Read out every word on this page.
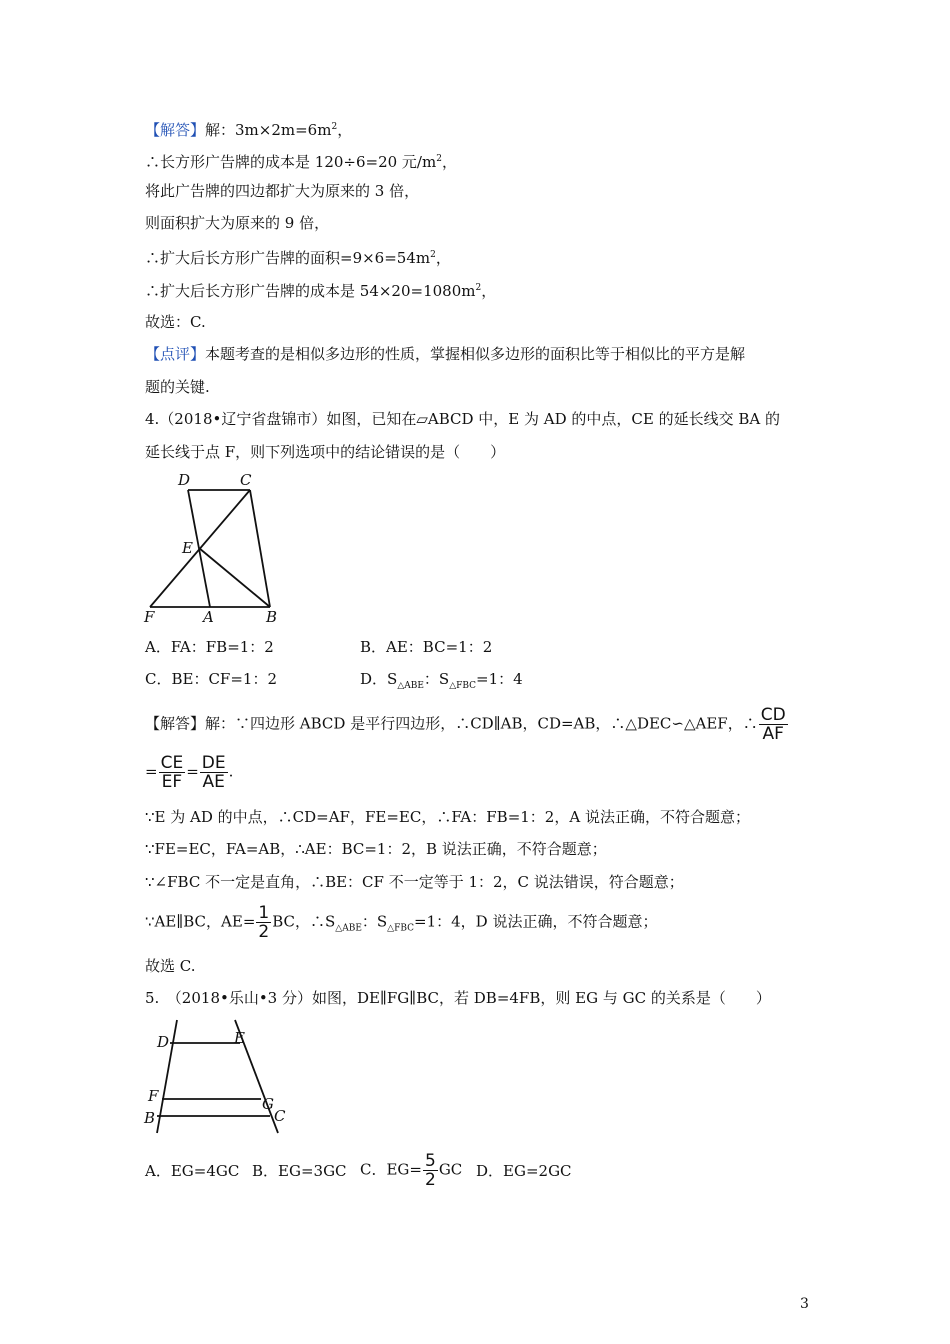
【解答】解：$3m\times 2m=6m^2$，
∴长方形广告牌的成本是 120÷6=20 元$/m^2$，
将此广告牌的四边都扩大为原来的 3 倍，
则面积扩大为原来的 9 倍，
∴扩大后长方形广告牌的面积$=9\times 6=54m^2$，
∴扩大后长方形广告牌的成本是 $54\times 20=1080m^2$，
故选：C.
【点评】本题考查的是相似多边形的性质，掌握相似多边形的面积比等于相似比的平方是解
题的关键.
4.（2018•辽宁省盘锦市）如图，已知在▱ABCD 中，E 为 AD 的中点，CE 的延长线交 BA 的
延长线于点 F，则下列选项中的结论错误的是（　　）
D	C
E
F	A	B
A．FA：FB=1：2	B．AE：BC=1：2
C．BE：CF=1：2	D．$S_{\triangle ABE}$：$S_{\triangle FBC}=1$：4
【解答】解：∵四边形 ABCD 是平行四边形，∴CD∥AB，CD=AB，∴△DEC∽△AEF，∴ $\frac{CD}{AF}$
= $\frac{CE}{EF} = \frac{DE}{AE}$ .
∵E 为 AD 的中点，∴CD=AF，FE=EC，∴FA：FB=1：2，A 说法正确，不符合题意；
∵FE=EC，FA=AB，∴AE：BC=1：2，B 说法正确，不符合题意；
∵∠FBC 不一定是直角，∴BE：CF 不一定等于 1：2，C 说法错误，符合题意；
∵AE∥BC，$AE= \frac{1}{2}$ BC，$\therefore S_{\triangle ABE}$：$S_{\triangle FBC}=1$：4，D 说法正确，不符合题意；
故选 C.
5.　（2018•乐山•3 分）如图，DE∥FG∥BC，若 DB=4FB，则 EG 与 GC 的关系是（　　）
D	E
F	G
B	C
A．EG=4GC B．EG=3GC C．$EG= \frac{5}{2}$ GC D．EG=2GC
3
